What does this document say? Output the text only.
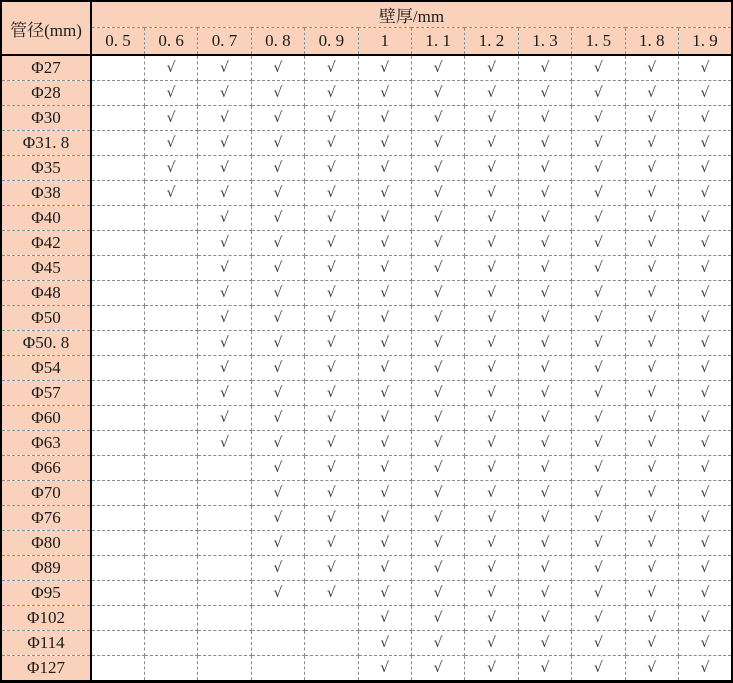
管径(mm)	壁厚/mm											
	0. 5	0. 6	0. 7	0. 8	0. 9	1	1. 1	1. 2	1. 3	1. 5	1. 8	1. 9
Φ27		√	√	√	√	√	√	√	√	√	√	√
Φ28		√	√	√	√	√	√	√	√	√	√	√
Φ30		√	√	√	√	√	√	√	√	√	√	√
Φ31. 8		√	√	√	√	√	√	√	√	√	√	√
Φ35		√	√	√	√	√	√	√	√	√	√	√
Φ38		√	√	√	√	√	√	√	√	√	√	√
Φ40			√	√	√	√	√	√	√	√	√	√
Φ42			√	√	√	√	√	√	√	√	√	√
Φ45			√	√	√	√	√	√	√	√	√	√
Φ48			√	√	√	√	√	√	√	√	√	√
Φ50			√	√	√	√	√	√	√	√	√	√
Φ50. 8			√	√	√	√	√	√	√	√	√	√
Φ54			√	√	√	√	√	√	√	√	√	√
Φ57			√	√	√	√	√	√	√	√	√	√
Φ60			√	√	√	√	√	√	√	√	√	√
Φ63			√	√	√	√	√	√	√	√	√	√
Φ66				√	√	√	√	√	√	√	√	√
Φ70				√	√	√	√	√	√	√	√	√
Φ76				√	√	√	√	√	√	√	√	√
Φ80				√	√	√	√	√	√	√	√	√
Φ89				√	√	√	√	√	√	√	√	√
Φ95				√	√	√	√	√	√	√	√	√
Φ102						√	√	√	√	√	√	√
Φ114						√	√	√	√	√	√	√
Φ127						√	√	√	√	√	√	√
